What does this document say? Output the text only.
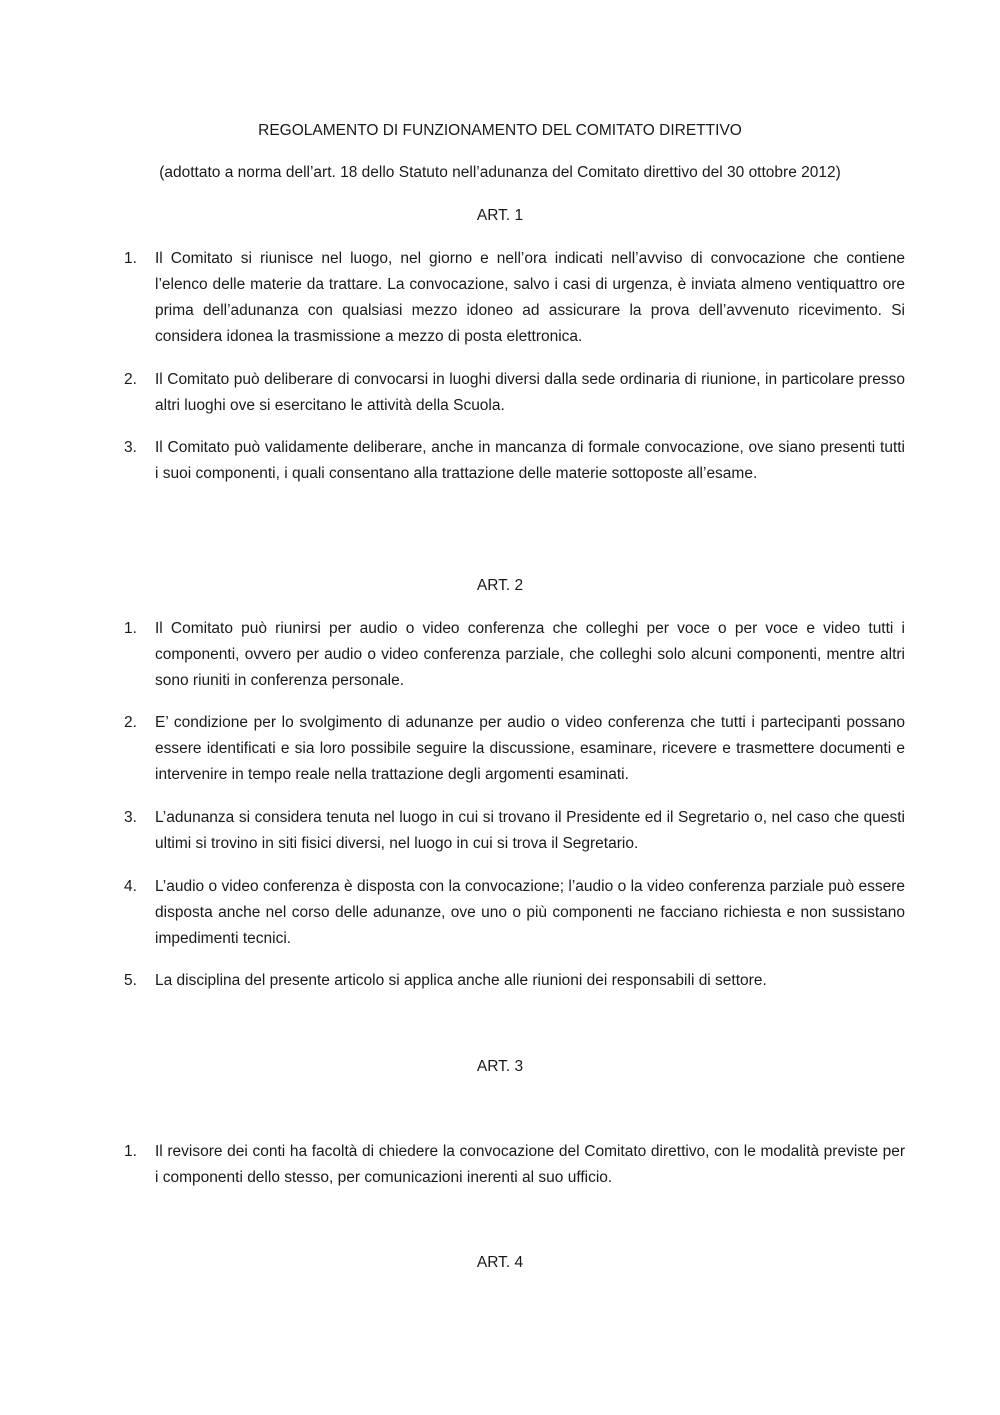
REGOLAMENTO DI FUNZIONAMENTO DEL COMITATO DIRETTIVO

(adottato a norma dell’art. 18 dello Statuto nell’adunanza del Comitato direttivo del 30 ottobre 2012)

ART. 1

1.	Il Comitato si riunisce nel luogo, nel giorno e nell’ora indicati nell’avviso di convocazione che contiene l’elenco delle materie da trattare. La convocazione, salvo i casi di urgenza, è inviata almeno ventiquattro ore prima dell’adunanza con qualsiasi mezzo idoneo ad assicurare la prova dell’avvenuto ricevimento. Si considera idonea la trasmissione a mezzo di posta elettronica.
2.	Il Comitato può deliberare di convocarsi in luoghi diversi dalla sede ordinaria di riunione, in particolare presso altri luoghi ove si esercitano le attività della Scuola.
3.	Il Comitato può validamente deliberare, anche in mancanza di formale convocazione, ove siano presenti tutti i suoi componenti, i quali consentano alla trattazione delle materie sottoposte all’esame.

ART. 2

1.	Il Comitato può riunirsi per audio o video conferenza che colleghi per voce o per voce e video tutti i componenti, ovvero per audio o video conferenza parziale, che colleghi solo alcuni componenti, mentre altri sono riuniti in conferenza personale.
2.	E’ condizione per lo svolgimento di adunanze per audio o video conferenza che tutti i partecipanti possano essere identificati e sia loro possibile seguire la discussione, esaminare, ricevere e trasmettere documenti e intervenire in tempo reale nella trattazione degli argomenti esaminati.
3.	L’adunanza si considera tenuta nel luogo in cui si trovano il Presidente ed il Segretario o, nel caso che questi ultimi si trovino in siti fisici diversi, nel luogo in cui si trova il Segretario.
4.	L’audio o video conferenza è disposta con la convocazione; l’audio o la video conferenza parziale può essere disposta anche nel corso delle adunanze, ove uno o più componenti ne facciano richiesta e non sussistano impedimenti tecnici.
5.	La disciplina del presente articolo si applica anche alle riunioni dei responsabili di settore.

ART. 3

1.	Il revisore dei conti ha facoltà di chiedere la convocazione del Comitato direttivo, con le modalità previste per i componenti dello stesso, per comunicazioni inerenti al suo ufficio.

ART. 4
